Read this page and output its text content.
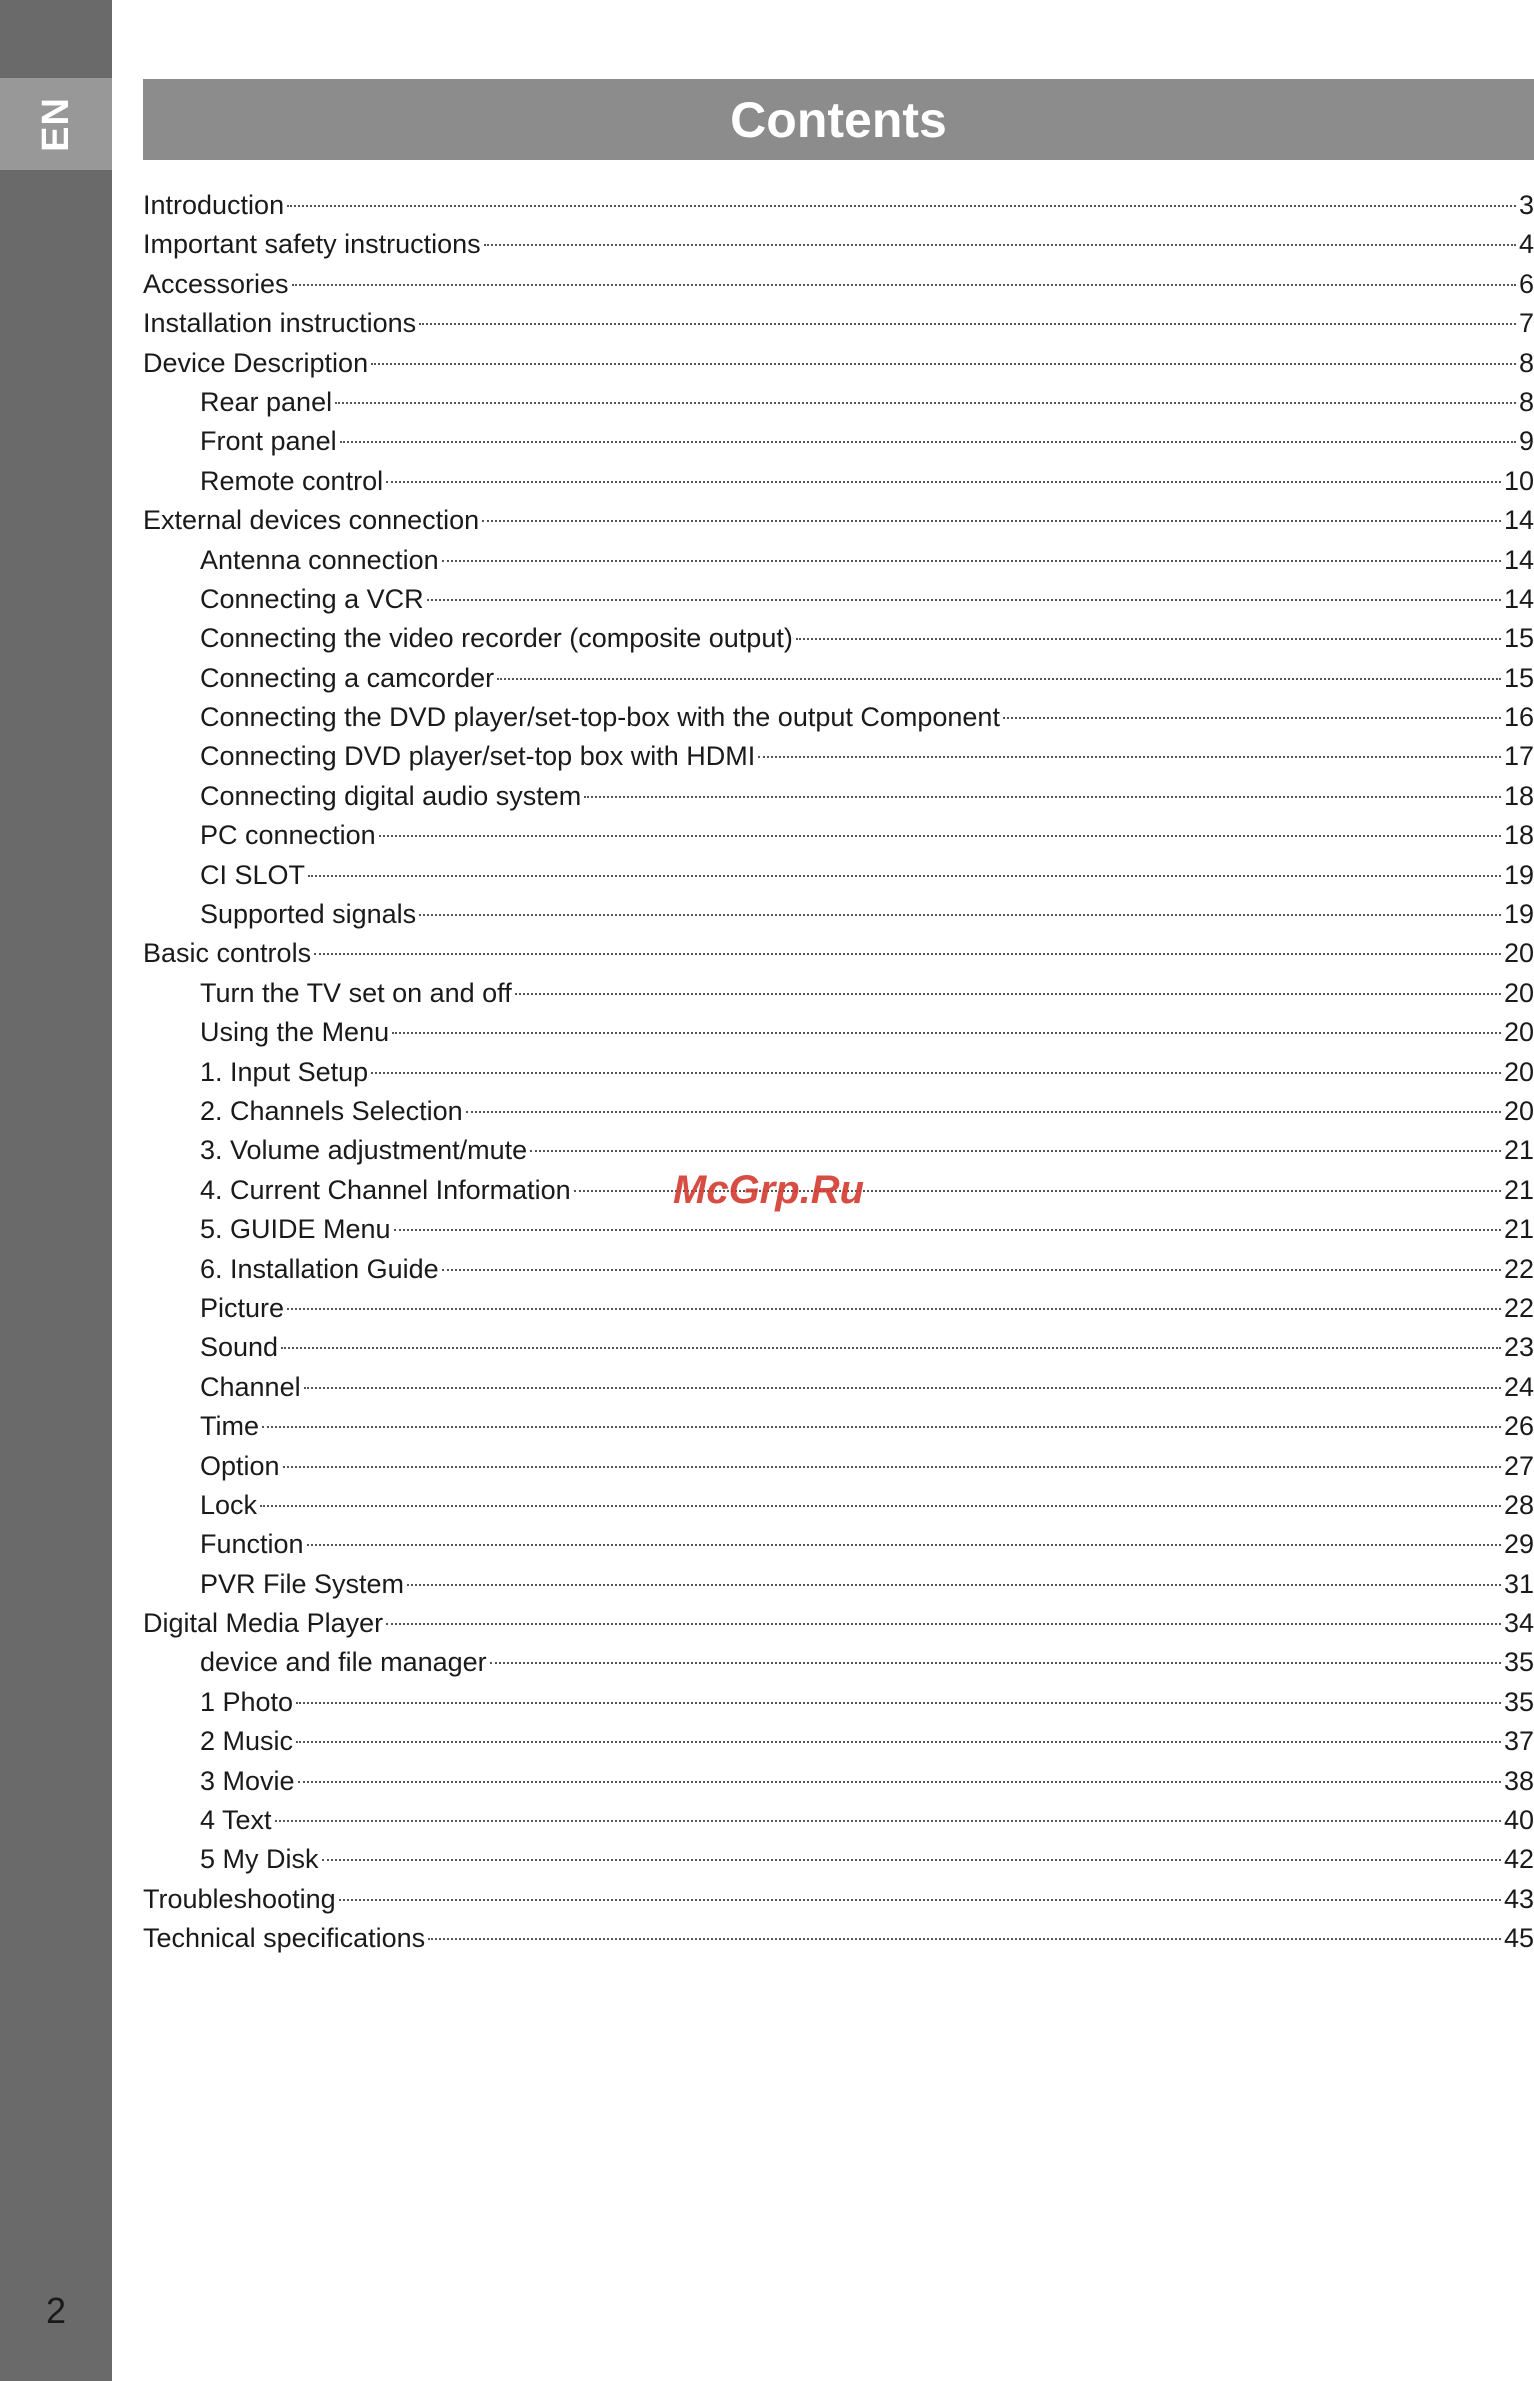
EN
2
Contents
Introduction	3
Important safety instructions	4
Accessories	6
Installation instructions	7
Device Description	8
Rear panel	8
Front panel	9
Remote control	10
External devices connection	14
Antenna connection	14
Connecting a VCR	14
Connecting the video recorder (composite output)	15
Connecting a camcorder	15
Connecting the DVD player/set-top-box with the output Component	16
Connecting DVD player/set-top box with HDMI	17
Connecting digital audio system	18
PC connection	18
CI SLOT	19
Supported signals	19
Basic controls	20
Turn the TV set on and off	20
Using the Menu	20
1. Input Setup	20
2. Channels Selection	20
3. Volume adjustment/mute	21
4. Current Channel Information	21
5. GUIDE Menu	21
6. Installation Guide	22
Picture	22
Sound	23
Channel	24
Time	26
Option	27
Lock	28
Function	29
PVR File System	31
Digital Media Player	34
device and file manager	35
1 Photo	35
2 Music	37
3 Movie	38
4 Text	40
5 My Disk	42
Troubleshooting	43
Technical specifications	45
McGrp.Ru
